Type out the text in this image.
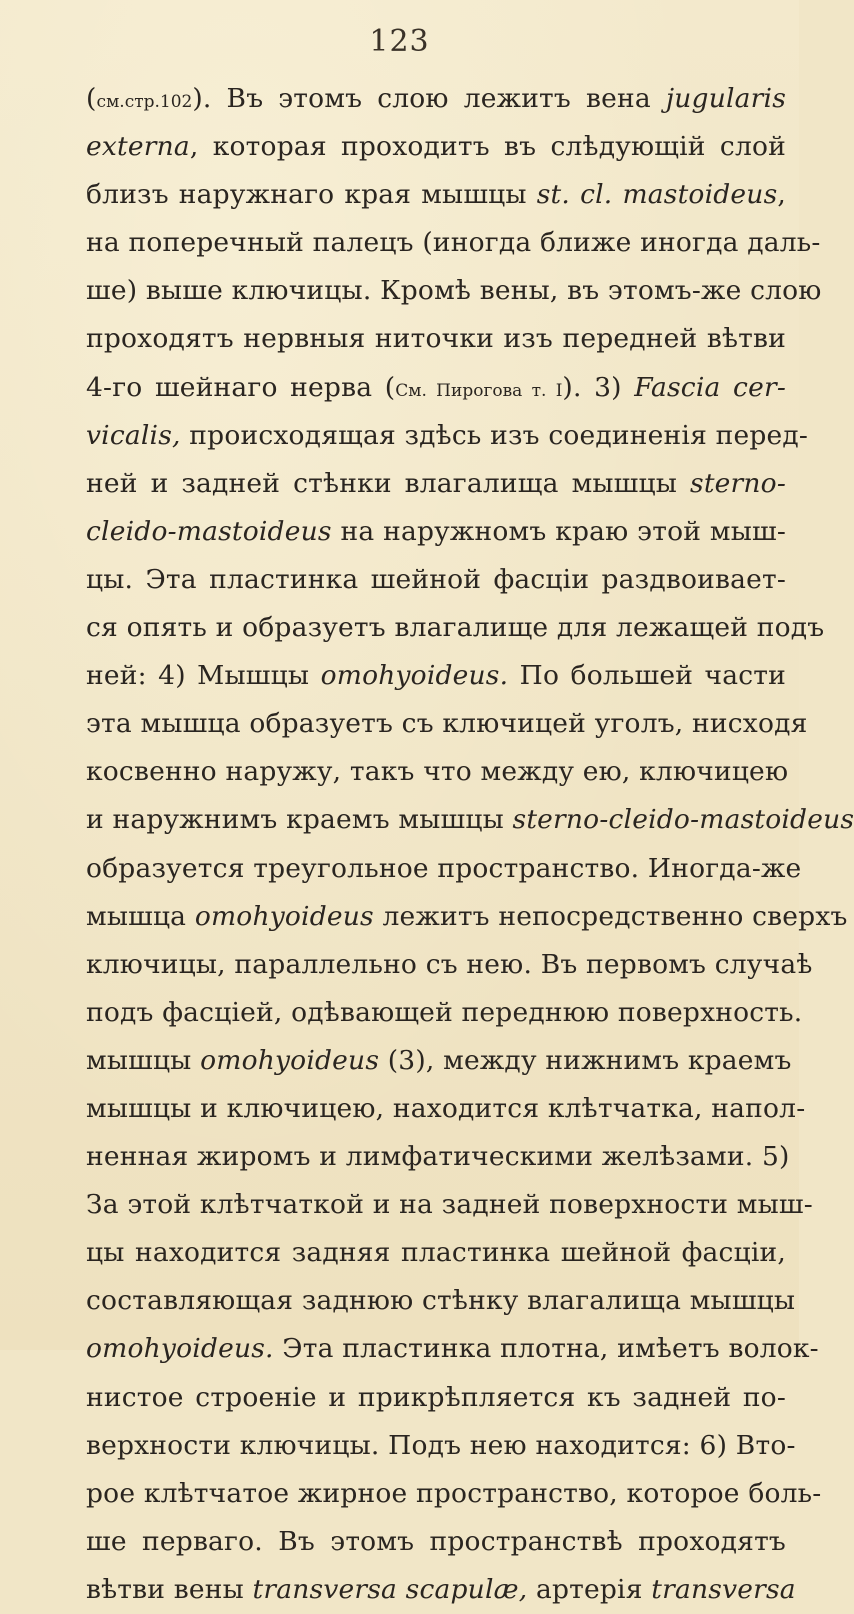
123
(см.стр.102). Въ этомъ слою лежитъ вена jugularis
externa, которая проходитъ въ слѣдующій слой
близъ наружнаго края мышцы st. cl. mastoideus,
на поперечный палецъ (иногда ближе иногда даль-
ше) выше ключицы. Кромѣ вены, въ этомъ-же слою
проходятъ нервныя ниточки изъ передней вѣтви
4-го шейнаго нерва (См. Пирогова т. I). 3) Fascia cer-
vicalis, происходящая здѣсь изъ соединенія перед-
ней и задней стѣнки влагалища мышцы sterno-
cleido-mastoideus на наружномъ краю этой мыш-
цы. Эта пластинка шейной фасціи раздвоивает-
ся опять и образуетъ влагалище для лежащей подъ
ней: 4) Мышцы omohyoideus. По большей части
эта мышца образуетъ съ ключицей уголъ, нисходя
косвенно наружу, такъ что между ею, ключицею
и наружнимъ краемъ мышцы sterno-cleido-mastoideus
образуется треугольное пространство. Иногда-же
мышца omohyoideus лежитъ непосредственно сверхъ
ключицы, параллельно съ нею. Въ первомъ случаѣ
подъ фасціей, одѣвающей переднюю поверхность.
мышцы omohyoideus (3), между нижнимъ краемъ
мышцы и ключицею, находится клѣтчатка, напол-
ненная жиромъ и лимфатическими желѣзами. 5)
За этой клѣтчаткой и на задней поверхности мыш-
цы находится задняя пластинка шейной фасціи,
составляющая заднюю стѣнку влагалища мышцы
omohyoideus. Эта пластинка плотна, имѣетъ волок-
нистое строеніе и прикрѣпляется къ задней по-
верхности ключицы. Подъ нею находится: 6) Вто-
рое клѣтчатое жирное пространство, которое боль-
ше перваго. Въ этомъ пространствѣ проходятъ
вѣтви вены transversa scapulæ, артерія transversa
